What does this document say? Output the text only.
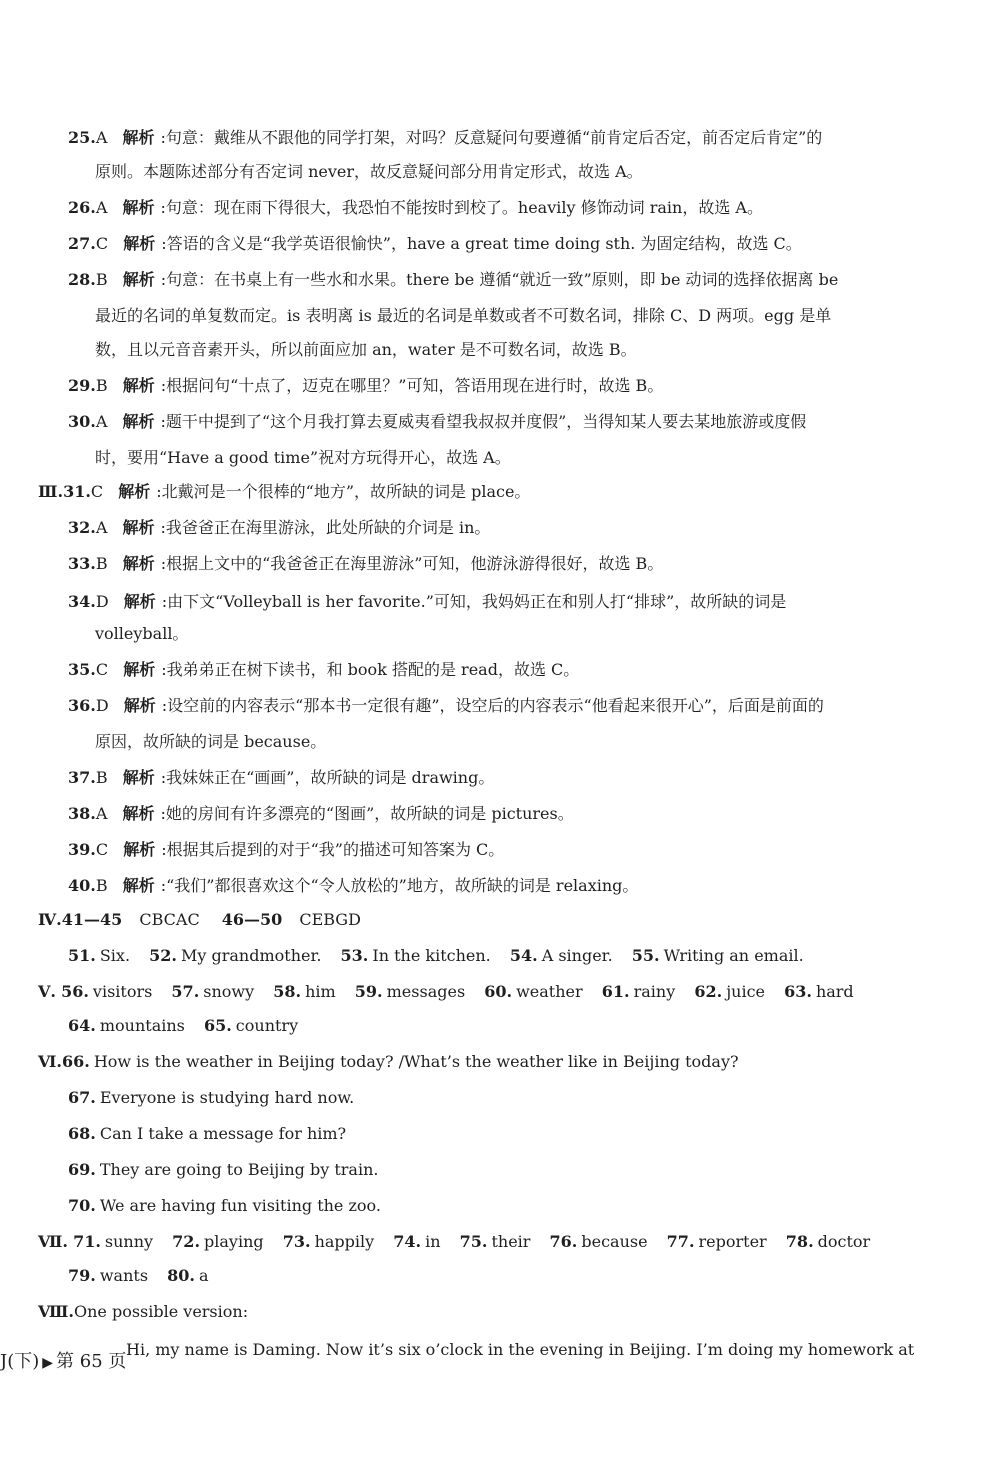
25.A 解析 :句意：戴维从不跟他的同学打架，对吗？反意疑问句要遵循“前肯定后否定，前否定后肯定”的
原则。本题陈述部分有否定词 never，故反意疑问部分用肯定形式，故选 A。
26.A 解析 :句意：现在雨下得很大，我恐怕不能按时到校了。heavily 修饰动词 rain，故选 A。
27.C 解析 :答语的含义是“我学英语很愉快”，have a great time doing sth. 为固定结构，故选 C。
28.B 解析 :句意：在书桌上有一些水和水果。there be 遵循“就近一致”原则，即 be 动词的选择依据离 be
最近的名词的单复数而定。is 表明离 is 最近的名词是单数或者不可数名词，排除 C、D 两项。egg 是单
数，且以元音音素开头，所以前面应加 an，water 是不可数名词，故选 B。
29.B 解析 :根据问句“十点了，迈克在哪里？”可知，答语用现在进行时，故选 B。
30.A 解析 :题干中提到了“这个月我打算去夏威夷看望我叔叔并度假”，当得知某人要去某地旅游或度假
时，要用“Have a good time”祝对方玩得开心，故选 A。
Ⅲ.31.C 解析 :北戴河是一个很棒的“地方”，故所缺的词是 place。
32.A 解析 :我爸爸正在海里游泳，此处所缺的介词是 in。
33.B 解析 :根据上文中的“我爸爸正在海里游泳”可知，他游泳游得很好，故选 B。
34.D 解析 :由下文“Volleyball is her favorite.”可知，我妈妈正在和别人打“排球”，故所缺的词是
volleyball。
35.C 解析 :我弟弟正在树下读书，和 book 搭配的是 read，故选 C。
36.D 解析 :设空前的内容表示“那本书一定很有趣”，设空后的内容表示“他看起来很开心”，后面是前面的
原因，故所缺的词是 because。
37.B 解析 :我妹妹正在“画画”，故所缺的词是 drawing。
38.A 解析 :她的房间有许多漂亮的“图画”，故所缺的词是 pictures。
39.C 解析 :根据其后提到的对于“我”的描述可知答案为 C。
40.B 解析 :“我们”都很喜欢这个“令人放松的”地方，故所缺的词是 relaxing。
Ⅳ.41—45 CBCAC 46—50 CEBGD
51. Six. 52. My grandmother. 53. In the kitchen. 54. A singer. 55. Writing an email.
Ⅴ. 56. visitors 57. snowy 58. him 59. messages 60. weather 61. rainy 62. juice 63. hard
64. mountains 65. country
Ⅵ.66. How is the weather in Beijing today? /What’s the weather like in Beijing today?
67. Everyone is studying hard now.
68. Can I take a message for him?
69. They are going to Beijing by train.
70. We are having fun visiting the zoo.
Ⅶ. 71. sunny 72. playing 73. happily 74. in 75. their 76. because 77. reporter 78. doctor
79. wants 80. a
Ⅷ.One possible version:
Hi, my name is Daming. Now it’s six o’clock in the evening in Beijing. I’m doing my homework at
J(下) ▶ 第 65 页
